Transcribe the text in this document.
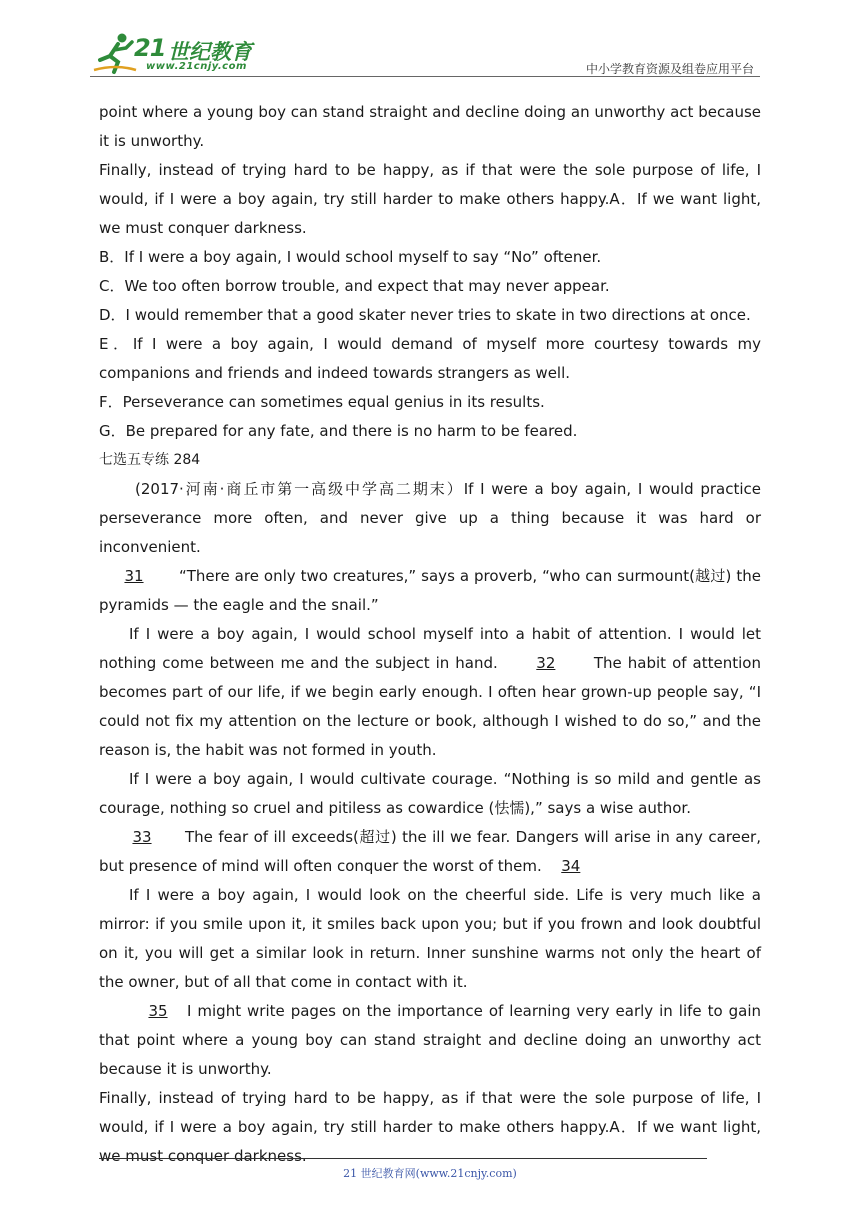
21 世纪教育
www.21cnjy.com	中小学教育资源及组卷应用平台

point where a young boy can stand straight and decline doing an unworthy act because it is unworthy.

Finally, instead of trying hard to be happy, as if that were the sole purpose of life, I would, if I were a boy again, try still harder to make others happy.A．If we want light, we must conquer darkness.

B．If I were a boy again, I would school myself to say “No” oftener.

C．We too often borrow trouble, and expect that may never appear.

D．I would remember that a good skater never tries to skate in two directions at once.

E．If I were a boy again, I would demand of myself more courtesy towards my companions and friends and indeed towards strangers as well.

F．Perseverance can sometimes equal genius in its results.

G．Be prepared for any fate, and there is no harm to be feared.

七选五专练 284

(2017·河南·商丘市第一高级中学高二期末）If I were a boy again, I would practice perseverance more often, and never give up a thing because it was hard or inconvenient.

31 “There are only two creatures,” says a proverb, “who can surmount(越过) the pyramids — the eagle and the snail.”

If I were a boy again, I would school myself into a habit of attention. I would let nothing come between me and the subject in hand.	32	The habit of attention becomes part of our life, if we begin early enough. I often hear grown-up people say, “I could not fix my attention on the lecture or book, although I wished to do so,” and the reason is, the habit was not formed in youth.

If I were a boy again, I would cultivate courage. “Nothing is so mild and gentle as courage, nothing so cruel and pitiless as cowardice (怯懦),” says a wise author.

33 The fear of ill exceeds(超过) the ill we fear. Dangers will arise in any career, but presence of mind will often conquer the worst of them. 34

If I were a boy again, I would look on the cheerful side. Life is very much like a mirror: if you smile upon it, it smiles back upon you; but if you frown and look doubtful on it, you will get a similar look in return. Inner sunshine warms not only the heart of the owner, but of all that come in contact with it.

35 I might write pages on the importance of learning very early in life to gain that point where a young boy can stand straight and decline doing an unworthy act because it is unworthy.

Finally, instead of trying hard to be happy, as if that were the sole purpose of life, I would, if I were a boy again, try still harder to make others happy.A．If we want light, we must conquer darkness.

21 世纪教育网(www.21cnjy.com)
